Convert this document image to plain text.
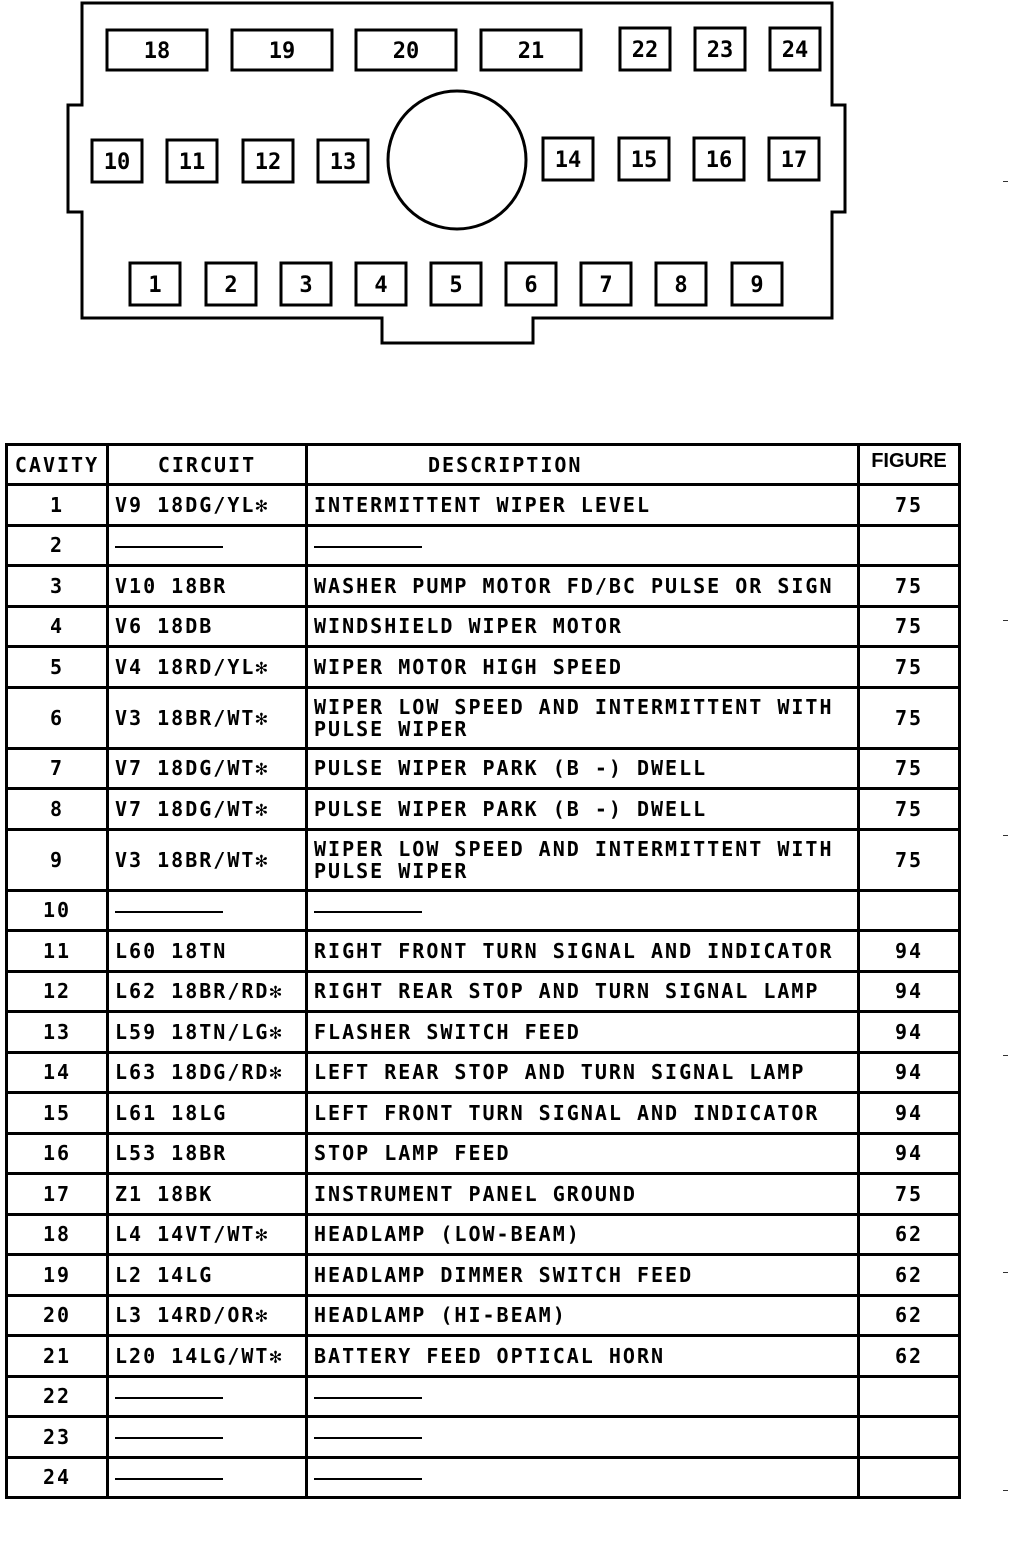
18	19	20	21	22 23 24
10 11 12 13	14 15 16 17
1	2	3	4	5	6	7	8	9
CAVITY	CIRCUIT	DESCRIPTION	FIGURE
1	V9 18DG/YL✻	INTERMITTENT WIPER LEVEL	75
2			
3	V10 18BR	WASHER PUMP MOTOR FD/BC PULSE OR SIGN	75
4	V6 18DB	WINDSHIELD WIPER MOTOR	75
5	V4 18RD/YL✻	WIPER MOTOR HIGH SPEED	75
6	V3 18BR/WT✻	WIPER LOW SPEED AND INTERMITTENT WITH PULSE WIPER	75
7	V7 18DG/WT✻	PULSE WIPER PARK (B -) DWELL	75
8	V7 18DG/WT✻	PULSE WIPER PARK (B -) DWELL	75
9	V3 18BR/WT✻	WIPER LOW SPEED AND INTERMITTENT WITH PULSE WIPER	75
10			
11	L60 18TN	RIGHT FRONT TURN SIGNAL AND INDICATOR	94
12	L62 18BR/RD✻	RIGHT REAR STOP AND TURN SIGNAL LAMP	94
13	L59 18TN/LG✻	FLASHER SWITCH FEED	94
14	L63 18DG/RD✻	LEFT REAR STOP AND TURN SIGNAL LAMP	94
15	L61 18LG	LEFT FRONT TURN SIGNAL AND INDICATOR	94
16	L53 18BR	STOP LAMP FEED	94
17	Z1 18BK	INSTRUMENT PANEL GROUND	75
18	L4 14VT/WT✻	HEADLAMP (LOW-BEAM)	62
19	L2 14LG	HEADLAMP DIMMER SWITCH FEED	62
20	L3 14RD/OR✻	HEADLAMP (HI-BEAM)	62
21	L20 14LG/WT✻	BATTERY FEED OPTICAL HORN	62
22			
23			
24			
